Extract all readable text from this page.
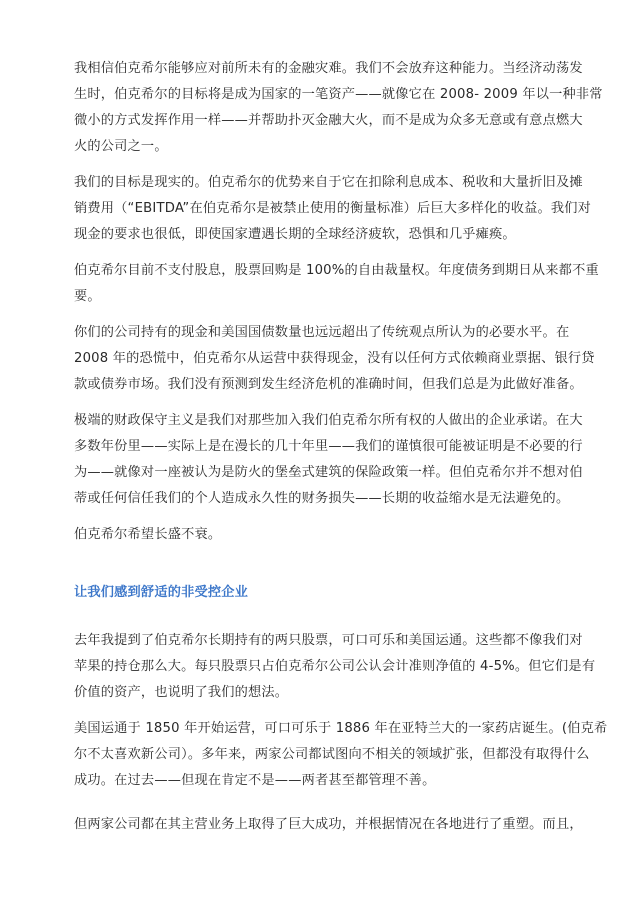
我相信伯克希尔能够应对前所未有的金融灾难。我们不会放弃这种能力。当经济动荡发
生时，伯克希尔的目标将是成为国家的一笔资产——就像它在 2008- 2009 年以一种非常
微小的方式发挥作用一样——并帮助扑灭金融大火，而不是成为众多无意或有意点燃大
火的公司之一。

我们的目标是现实的。伯克希尔的优势来自于它在扣除利息成本、税收和大量折旧及摊
销费用（“EBITDA”在伯克希尔是被禁止使用的衡量标准）后巨大多样化的收益。我们对
现金的要求也很低，即使国家遭遇长期的全球经济疲软，恐惧和几乎瘫痪。

伯克希尔目前不支付股息，股票回购是 100%的自由裁量权。年度债务到期日从来都不重
要。

你们的公司持有的现金和美国国债数量也远远超出了传统观点所认为的必要水平。在
2008 年的恐慌中，伯克希尔从运营中获得现金，没有以任何方式依赖商业票据、银行贷
款或债券市场。我们没有预测到发生经济危机的准确时间，但我们总是为此做好准备。

极端的财政保守主义是我们对那些加入我们伯克希尔所有权的人做出的企业承诺。在大
多数年份里——实际上是在漫长的几十年里——我们的谨慎很可能被证明是不必要的行
为——就像对一座被认为是防火的堡垒式建筑的保险政策一样。但伯克希尔并不想对伯
蒂或任何信任我们的个人造成永久性的财务损失——长期的收益缩水是无法避免的。

伯克希尔希望长盛不衰。

让我们感到舒适的非受控企业

去年我提到了伯克希尔长期持有的两只股票，可口可乐和美国运通。这些都不像我们对
苹果的持仓那么大。每只股票只占伯克希尔公司公认会计准则净值的 4-5%。但它们是有
价值的资产，也说明了我们的想法。

美国运通于 1850 年开始运营，可口可乐于 1886 年在亚特兰大的一家药店诞生。(伯克希
尔不太喜欢新公司）。多年来，两家公司都试图向不相关的领域扩张，但都没有取得什么
成功。在过去——但现在肯定不是——两者甚至都管理不善。

但两家公司都在其主营业务上取得了巨大成功，并根据情况在各地进行了重塑。而且，
